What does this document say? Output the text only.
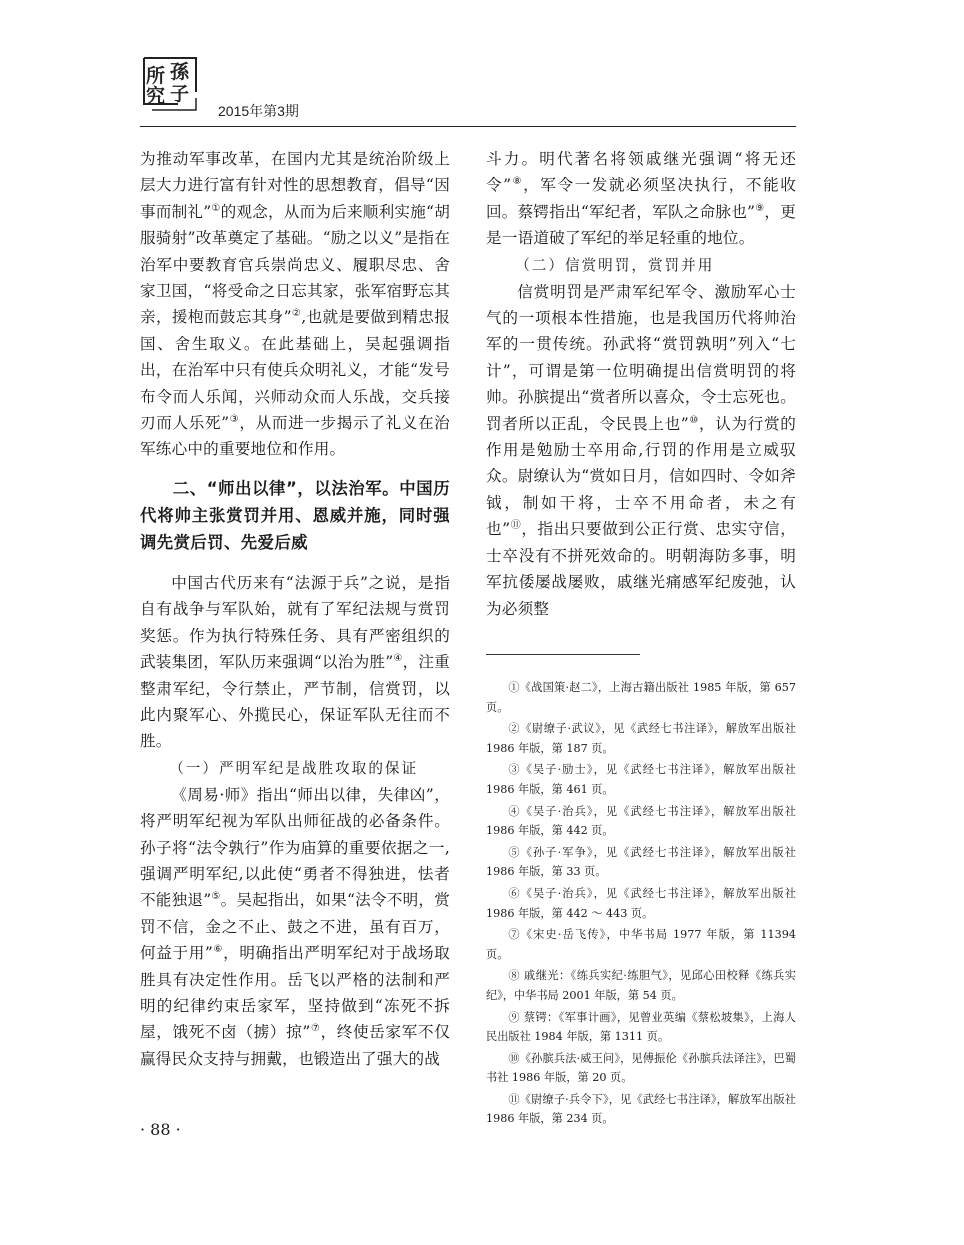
所 孫
究 子
2015年第3期

为推动军事改革，在国内尤其是统治阶级上层大力进行富有针对性的思想教育，倡导“因事而制礼”①的观念，从而为后来顺利实施“胡服骑射”改革奠定了基础。“励之以义”是指在治军中要教育官兵崇尚忠义、履职尽忠、舍家卫国，“将受命之日忘其家，张军宿野忘其亲，援枹而鼓忘其身”②,也就是要做到精忠报国、舍生取义。在此基础上，吴起强调指出，在治军中只有使兵众明礼义，才能“发号布令而人乐闻，兴师动众而人乐战，交兵接刃而人乐死”③，从而进一步揭示了礼义在治军练心中的重要地位和作用。

二、“师出以律”，以法治军。中国历代将帅主张赏罚并用、恩威并施，同时强调先赏后罚、先爱后威

中国古代历来有“法源于兵”之说，是指自有战争与军队始，就有了军纪法规与赏罚奖惩。作为执行特殊任务、具有严密组织的武装集团，军队历来强调“以治为胜”④，注重整肃军纪，令行禁止，严节制，信赏罚，以此内聚军心、外揽民心，保证军队无往而不胜。

（一）严明军纪是战胜攻取的保证

《周易·师》指出“师出以律，失律凶”，将严明军纪视为军队出师征战的必备条件。孙子将“法令孰行”作为庙算的重要依据之一,强调严明军纪,以此使“勇者不得独进，怯者不能独退”⑤。吴起指出，如果“法令不明，赏罚不信，金之不止、鼓之不进，虽有百万，何益于用”⑥，明确指出严明军纪对于战场取胜具有决定性作用。岳飞以严格的法制和严明的纪律约束岳家军，坚持做到“冻死不拆屋，饿死不卤（掳）掠”⑦，终使岳家军不仅赢得民众支持与拥戴，也锻造出了强大的战

斗力。明代著名将领戚继光强调“将无还令”⑧，军令一发就必须坚决执行，不能收回。蔡锷指出“军纪者，军队之命脉也”⑨，更是一语道破了军纪的举足轻重的地位。

（二）信赏明罚，赏罚并用

信赏明罚是严肃军纪军令、激励军心士气的一项根本性措施，也是我国历代将帅治军的一贯传统。孙武将“赏罚孰明”列入“七计”，可谓是第一位明确提出信赏明罚的将帅。孙膑提出“赏者所以喜众，令士忘死也。罚者所以正乱，令民畏上也”⑩，认为行赏的作用是勉励士卒用命,行罚的作用是立威驭众。尉缭认为“赏如日月，信如四时、令如斧钺，制如干将，士卒不用命者，未之有也”⑪，指出只要做到公正行赏、忠实守信，士卒没有不拼死效命的。明朝海防多事，明军抗倭屡战屡败，戚继光痛感军纪废弛，认为必须整

①《战国策·赵二》，上海古籍出版社 1985 年版，第 657 页。

②《尉缭子·武议》，见《武经七书注译》，解放军出版社 1986 年版，第 187 页。

③《吴子·励士》，见《武经七书注译》，解放军出版社 1986 年版，第 461 页。

④《吴子·治兵》，见《武经七书注译》，解放军出版社 1986 年版，第 442 页。

⑤《孙子·军争》，见《武经七书注译》，解放军出版社 1986 年版，第 33 页。

⑥《吴子·治兵》，见《武经七书注译》，解放军出版社 1986 年版，第 442 ～ 443 页。

⑦《宋史·岳飞传》，中华书局 1977 年版，第 11394 页。

⑧ 戚继光：《练兵实纪·练胆气》，见邱心田校释《练兵实纪》，中华书局 2001 年版，第 54 页。

⑨ 蔡锷：《军事计画》，见曾业英编《蔡松坡集》，上海人民出版社 1984 年版，第 1311 页。

⑩《孙膑兵法·威王问》，见傅振伦《孙膑兵法译注》，巴蜀书社 1986 年版，第 20 页。

⑪《尉缭子·兵令下》，见《武经七书注译》，解放军出版社 1986 年版，第 234 页。

· 88 ·
